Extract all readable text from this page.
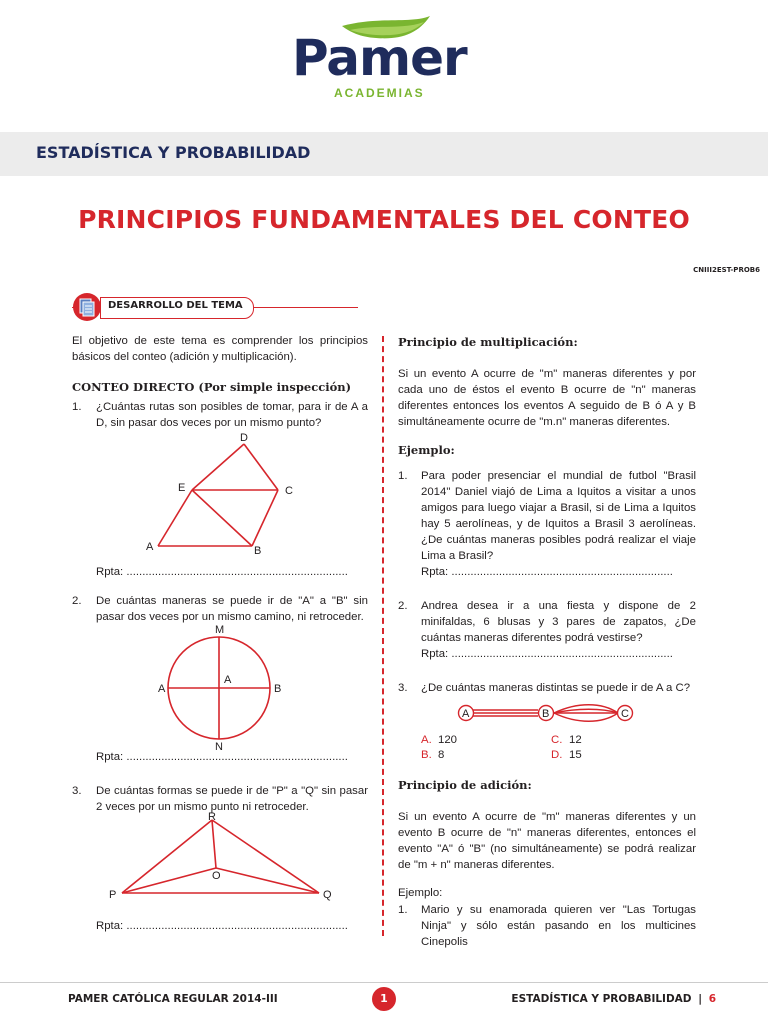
Pamer
ACADEMIAS
ESTADÍSTICA Y PROBABILIDAD
PRINCIPIOS FUNDAMENTALES DEL CONTEO
CNIII2EST-PROB6
DESARROLLO DEL TEMA
El objetivo de este tema es comprender los principios básicos del conteo (adición y multiplicación).
CONTEO DIRECTO (Por simple inspección)
1. ¿Cuántas rutas son posibles de tomar, para ir de A a D, sin pasar dos veces por un mismo punto?
D
E	C
A	B
Rpta: ......................................................................
2. De cuántas maneras se puede ir de "A" a "B" sin pasar dos veces por un mismo camino, ni retroceder.
M
A
A	B
N
Rpta: ......................................................................
3. De cuántas formas se puede ir de "P" a "Q" sin pasar 2 veces por un mismo punto ni retroceder.
R
O
P	Q
Rpta: ......................................................................
Principio de multiplicación:
Si un evento A ocurre de "m" maneras diferentes y por cada uno de éstos el evento B ocurre de "n" maneras diferentes entonces los eventos A seguido de B ó A y B simultáneamente ocurre de "m.n" maneras diferentes.
Ejemplo:
1. Para poder presenciar el mundial de futbol "Brasil 2014" Daniel viajó de Lima a Iquitos a visitar a unos amigos para luego viajar a Brasil, si de Lima a Iquitos hay 5 aerolíneas, y de Iquitos a Brasil 3 aerolíneas. ¿De cuántas maneras posibles podrá realizar el viaje Lima a Brasil?
Rpta: ......................................................................
2. Andrea desea ir a una fiesta y dispone de 2 minifaldas, 6 blusas y 3 pares de zapatos, ¿De cuántas maneras diferentes podrá vestirse?
Rpta: ......................................................................
3. ¿De cuántas maneras distintas se puede ir de A a C?
A	B	C
A. 120	C. 12
B. 8	D. 15
Principio de adición:
Si un evento A ocurre de "m" maneras diferentes y un evento B ocurre de "n" maneras diferentes, entonces el evento "A" ó "B" (no simultáneamente) se podrá realizar de "m + n" maneras diferentes.
Ejemplo:
1. Mario y su enamorada quieren ver "Las Tortugas Ninja" y sólo están pasando en los multicines Cinepolis
PAMER CATÓLICA REGULAR 2014-III	1	ESTADÍSTICA Y PROBABILIDAD | 6
